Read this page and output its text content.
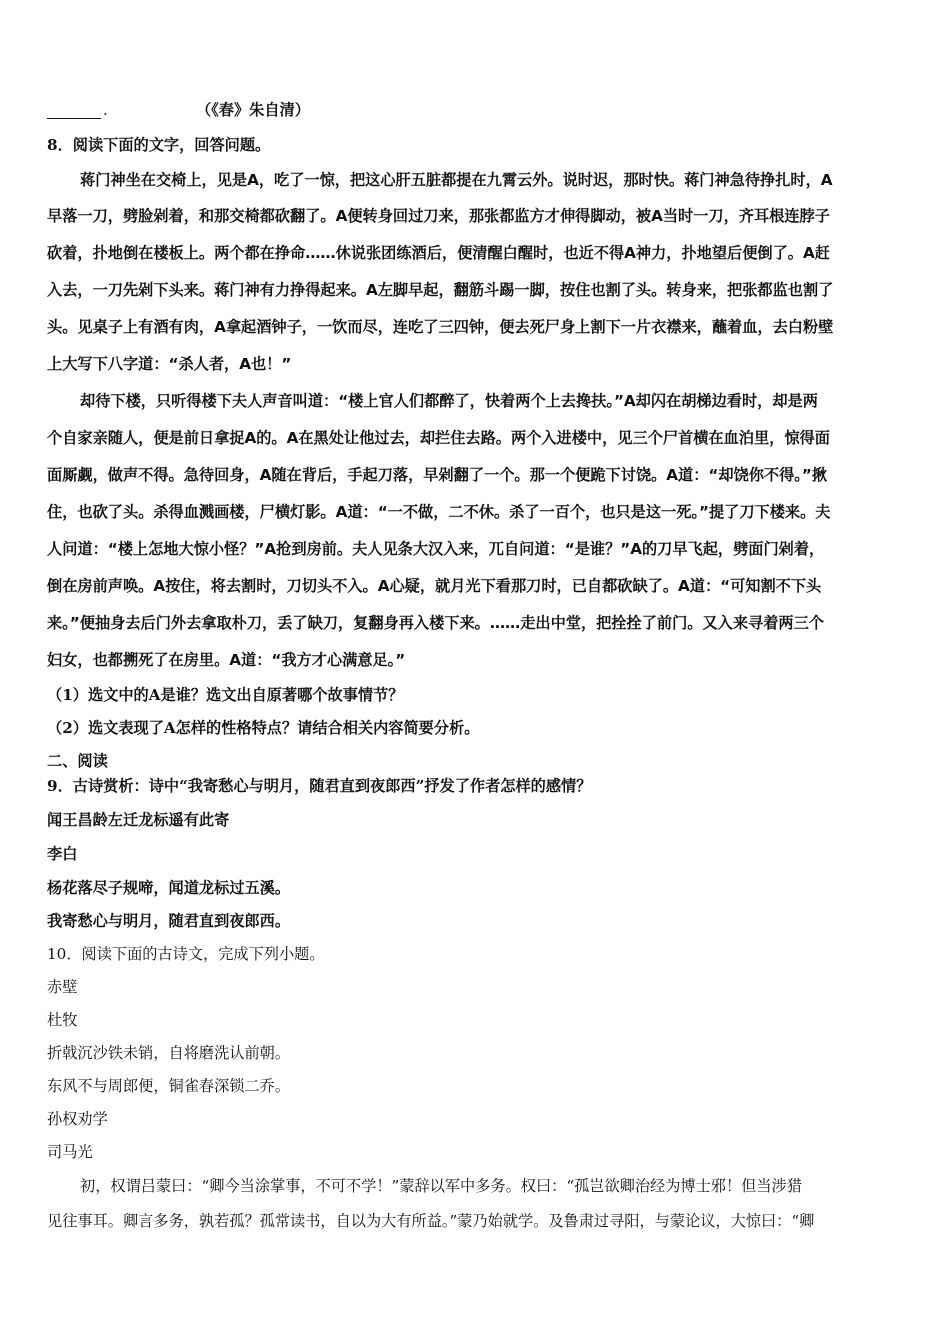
.	（《春》朱自清）
8．阅读下面的文字，回答问题。
蒋门神坐在交椅上，见是A，吃了一惊，把这心肝五脏都提在九霄云外。说时迟，那时快。蒋门神急待挣扎时，A
早落一刀，劈脸剁着，和那交椅都砍翻了。A便转身回过刀来，那张都监方才伸得脚动，被A当时一刀，齐耳根连脖子
砍着，扑地倒在楼板上。两个都在挣命……休说张团练酒后，便清醒白醒时，也近不得A神力，扑地望后便倒了。A赶
入去，一刀先剁下头来。蒋门神有力挣得起来。A左脚早起，翻筋斗踢一脚，按住也割了头。转身来，把张都监也割了
头。见桌子上有酒有肉，A拿起酒钟子，一饮而尽，连吃了三四钟，便去死尸身上割下一片衣襟来，蘸着血，去白粉壁
上大写下八字道：“杀人者，A也！”
却待下楼，只听得楼下夫人声音叫道：“楼上官人们都醉了，快着两个上去搀扶。”A却闪在胡梯边看时，却是两
个自家亲随人，便是前日拿捉A的。A在黑处让他过去，却拦住去路。两个入进楼中，见三个尸首横在血泊里，惊得面
面厮觑，做声不得。急待回身，A随在背后，手起刀落，早剁翻了一个。那一个便跪下讨饶。A道：“却饶你不得。”揪
住，也砍了头。杀得血溅画楼，尸横灯影。A道：“一不做，二不休。杀了一百个，也只是这一死。”提了刀下楼来。夫
人问道：“楼上怎地大惊小怪？”A抢到房前。夫人见条大汉入来，兀自问道：“是谁？”A的刀早飞起，劈面门剁着，
倒在房前声唤。A按住，将去割时，刀切头不入。A心疑，就月光下看那刀时，已自都砍缺了。A道：“可知割不下头
来。”便抽身去后门外去拿取朴刀，丢了缺刀，复翻身再入楼下来。……走出中堂，把拴拴了前门。又入来寻着两三个
妇女，也都搠死了在房里。A道：“我方才心满意足。”
（1）选文中的A是谁？选文出自原著哪个故事情节？
（2）选文表现了A怎样的性格特点？请结合相关内容简要分析。
二、阅读
9．古诗赏析：诗中“我寄愁心与明月，随君直到夜郎西”抒发了作者怎样的感情？
闻王昌龄左迁龙标遥有此寄
李白
杨花落尽子规啼，闻道龙标过五溪。
我寄愁心与明月，随君直到夜郎西。
10．阅读下面的古诗文，完成下列小题。
赤壁
杜牧
折戟沉沙铁未销，自将磨洗认前朝。
东风不与周郎便，铜雀春深锁二乔。
孙权劝学
司马光
初，权谓吕蒙曰：“卿今当涂掌事，不可不学！”蒙辞以军中多务。权曰：“孤岂欲卿治经为博士邪！但当涉猎
见往事耳。卿言多务，孰若孤？孤常读书，自以为大有所益。”蒙乃始就学。及鲁肃过寻阳，与蒙论议，大惊曰：“卿
